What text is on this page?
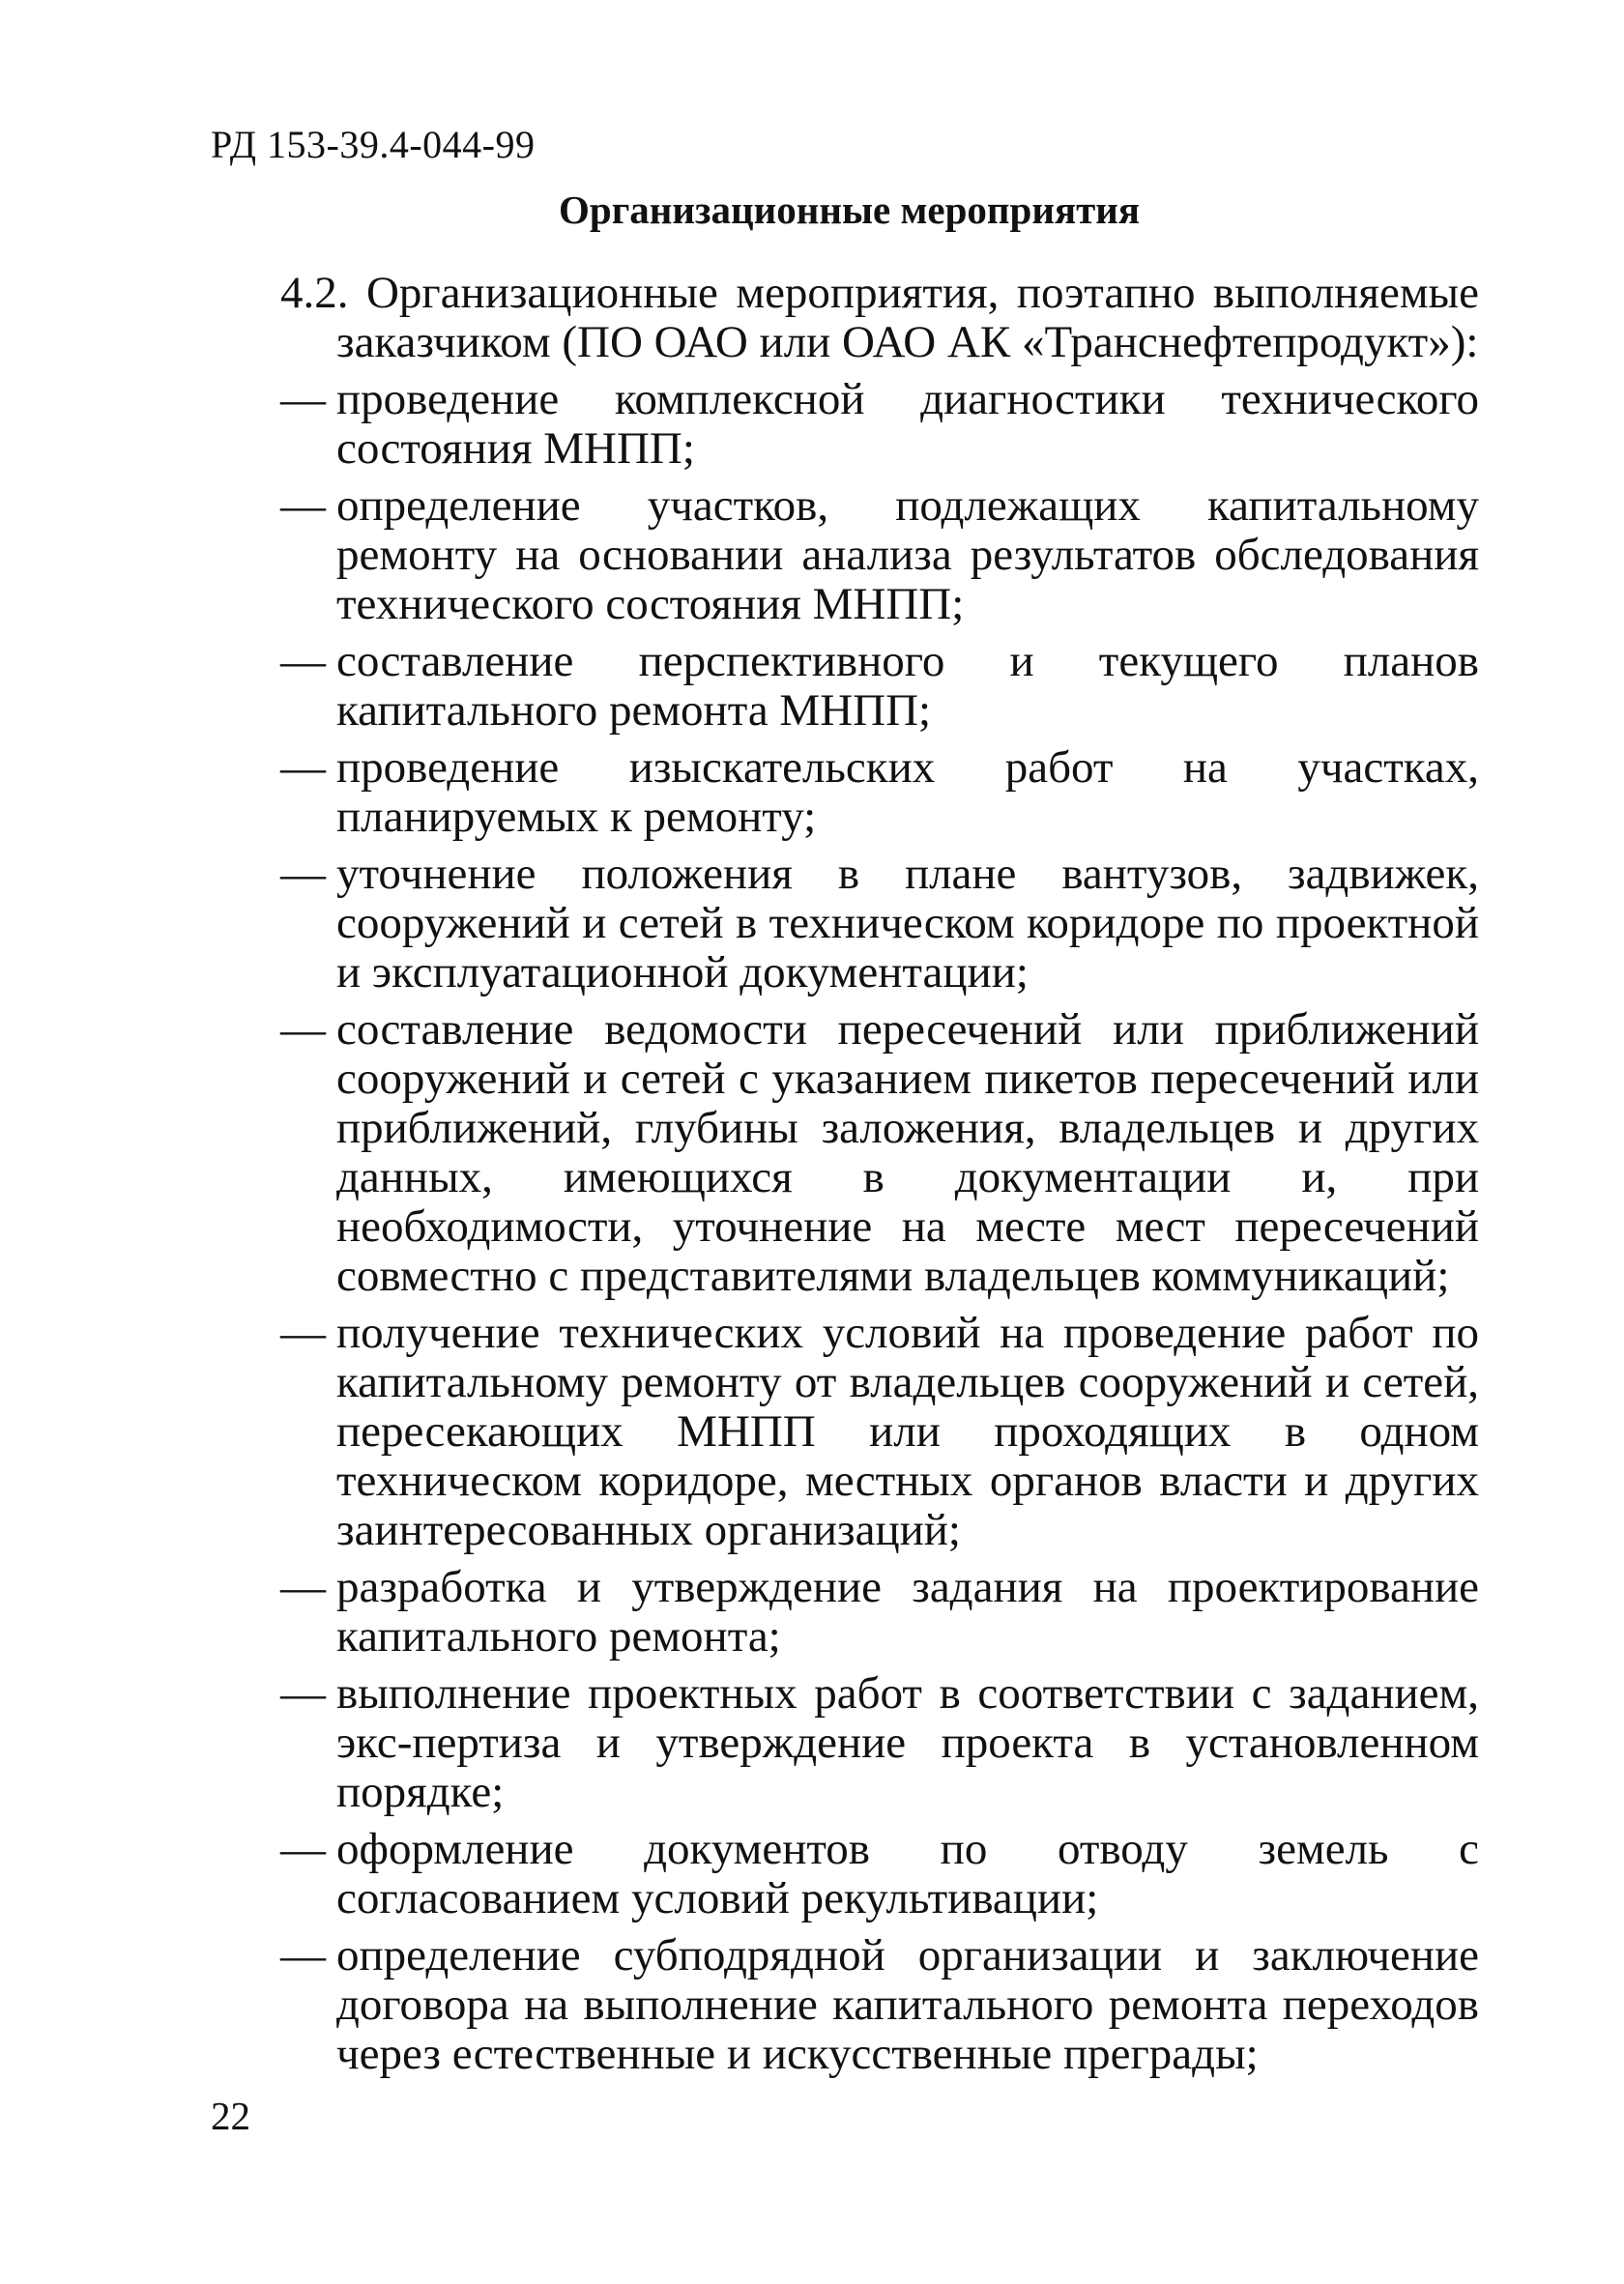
РД 153-39.4-044-99
Организационные мероприятия

4.2. Организационные мероприятия, поэтапно выполняемые заказчиком (ПО ОАО или ОАО АК «Транснефтепродукт»):

— проведение комплексной диагностики технического состояния МНПП;

— определение участков, подлежащих капитальному ремонту на основании анализа результатов обследования технического состояния МНПП;

— составление перспективного и текущего планов капитального ремонта МНПП;

— проведение изыскательских работ на участках, планируемых к ремонту;

— уточнение положения в плане вантузов, задвижек, сооружений и сетей в техническом коридоре по проектной и эксплуатационной документации;

— составление ведомости пересечений или приближений сооружений и сетей с указанием пикетов пересечений или приближений, глубины заложения, владельцев и других данных, имеющихся в документации и, при необходимости, уточнение на месте мест пересечений совместно с представителями владельцев коммуникаций;

— получение технических условий на проведение работ по капитальному ремонту от владельцев сооружений и сетей, пересекающих МНПП или проходящих в одном техническом коридоре, местных органов власти и других заинтересованных организаций;

— разработка и утверждение задания на проектирование капитального ремонта;

— выполнение проектных работ в соответствии с заданием, экс-пертиза и утверждение проекта в установленном порядке;

— оформление документов по отводу земель с согласованием условий рекультивации;

— определение субподрядной организации и заключение договора на выполнение капитального ремонта переходов через естественные и искусственные преграды;

22
